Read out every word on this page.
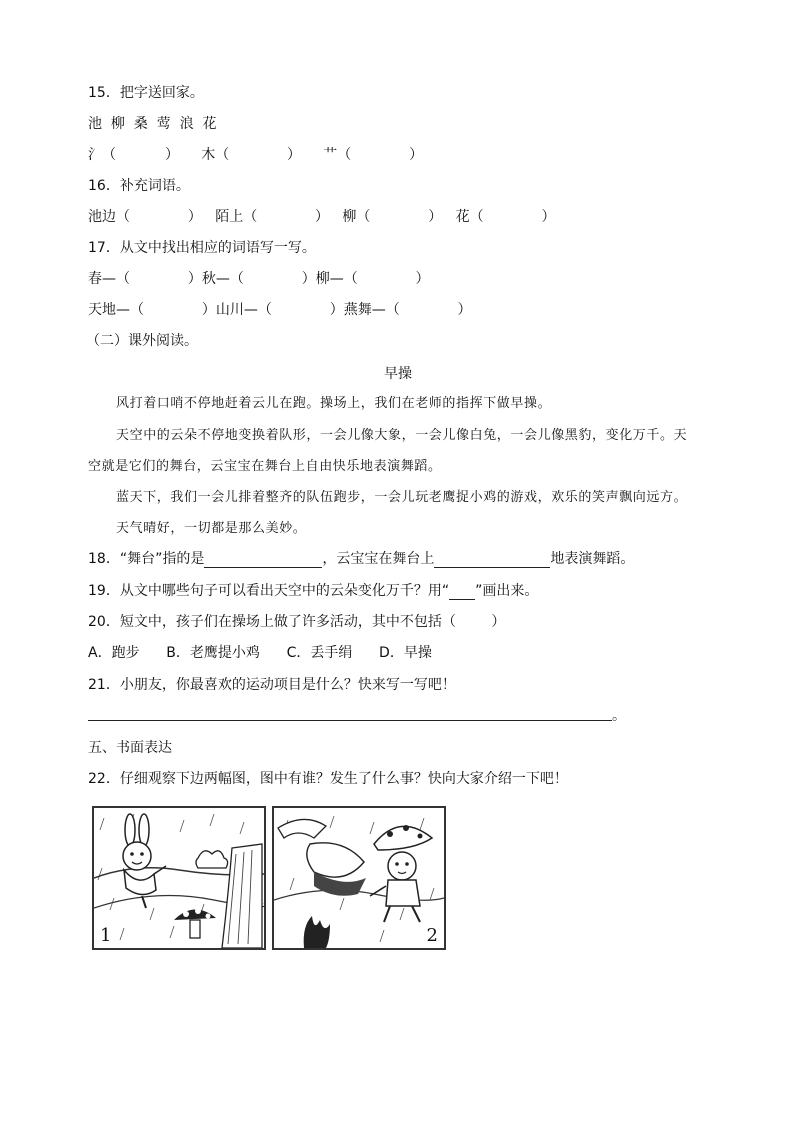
15．把字送回家。
池  柳  桑  莺  浪  花
氵（           ）     木（             ）     艹（             ）
16．补充词语。
池边（             ）   陌上（             ）   柳（             ）   花（             ）
17．从文中找出相应的词语写一写。
春—（             ）秋—（             ）柳—（             ）
天地—（             ）山川—（             ）燕舞—（             ）
（二）课外阅读。
早操
风打着口哨不停地赶着云儿在跑。操场上，我们在老师的指挥下做早操。
天空中的云朵不停地变换着队形，一会儿像大象，一会儿像白兔，一会儿像黑豹，变化万千。天
空就是它们的舞台，云宝宝在舞台上自由快乐地表演舞蹈。
蓝天下，我们一会儿排着整齐的队伍跑步，一会儿玩老鹰捉小鸡的游戏，欢乐的笑声飘向远方。
天气晴好，一切都是那么美妙。
18．“舞台”指的是	，云宝宝在舞台上	地表演舞蹈。
19．从文中哪些句子可以看出天空中的云朵变化万千？用“ ”画出来。
20．短文中，孩子们在操场上做了许多活动，其中不包括（        ）
A．跑步      B．老鹰提小鸡      C．丢手绢      D．早操
21．小朋友，你最喜欢的运动项目是什么？快来写一写吧！
。
五、书面表达
22．仔细观察下边两幅图，图中有谁？发生了什么事？快向大家介绍一下吧！
1	2
